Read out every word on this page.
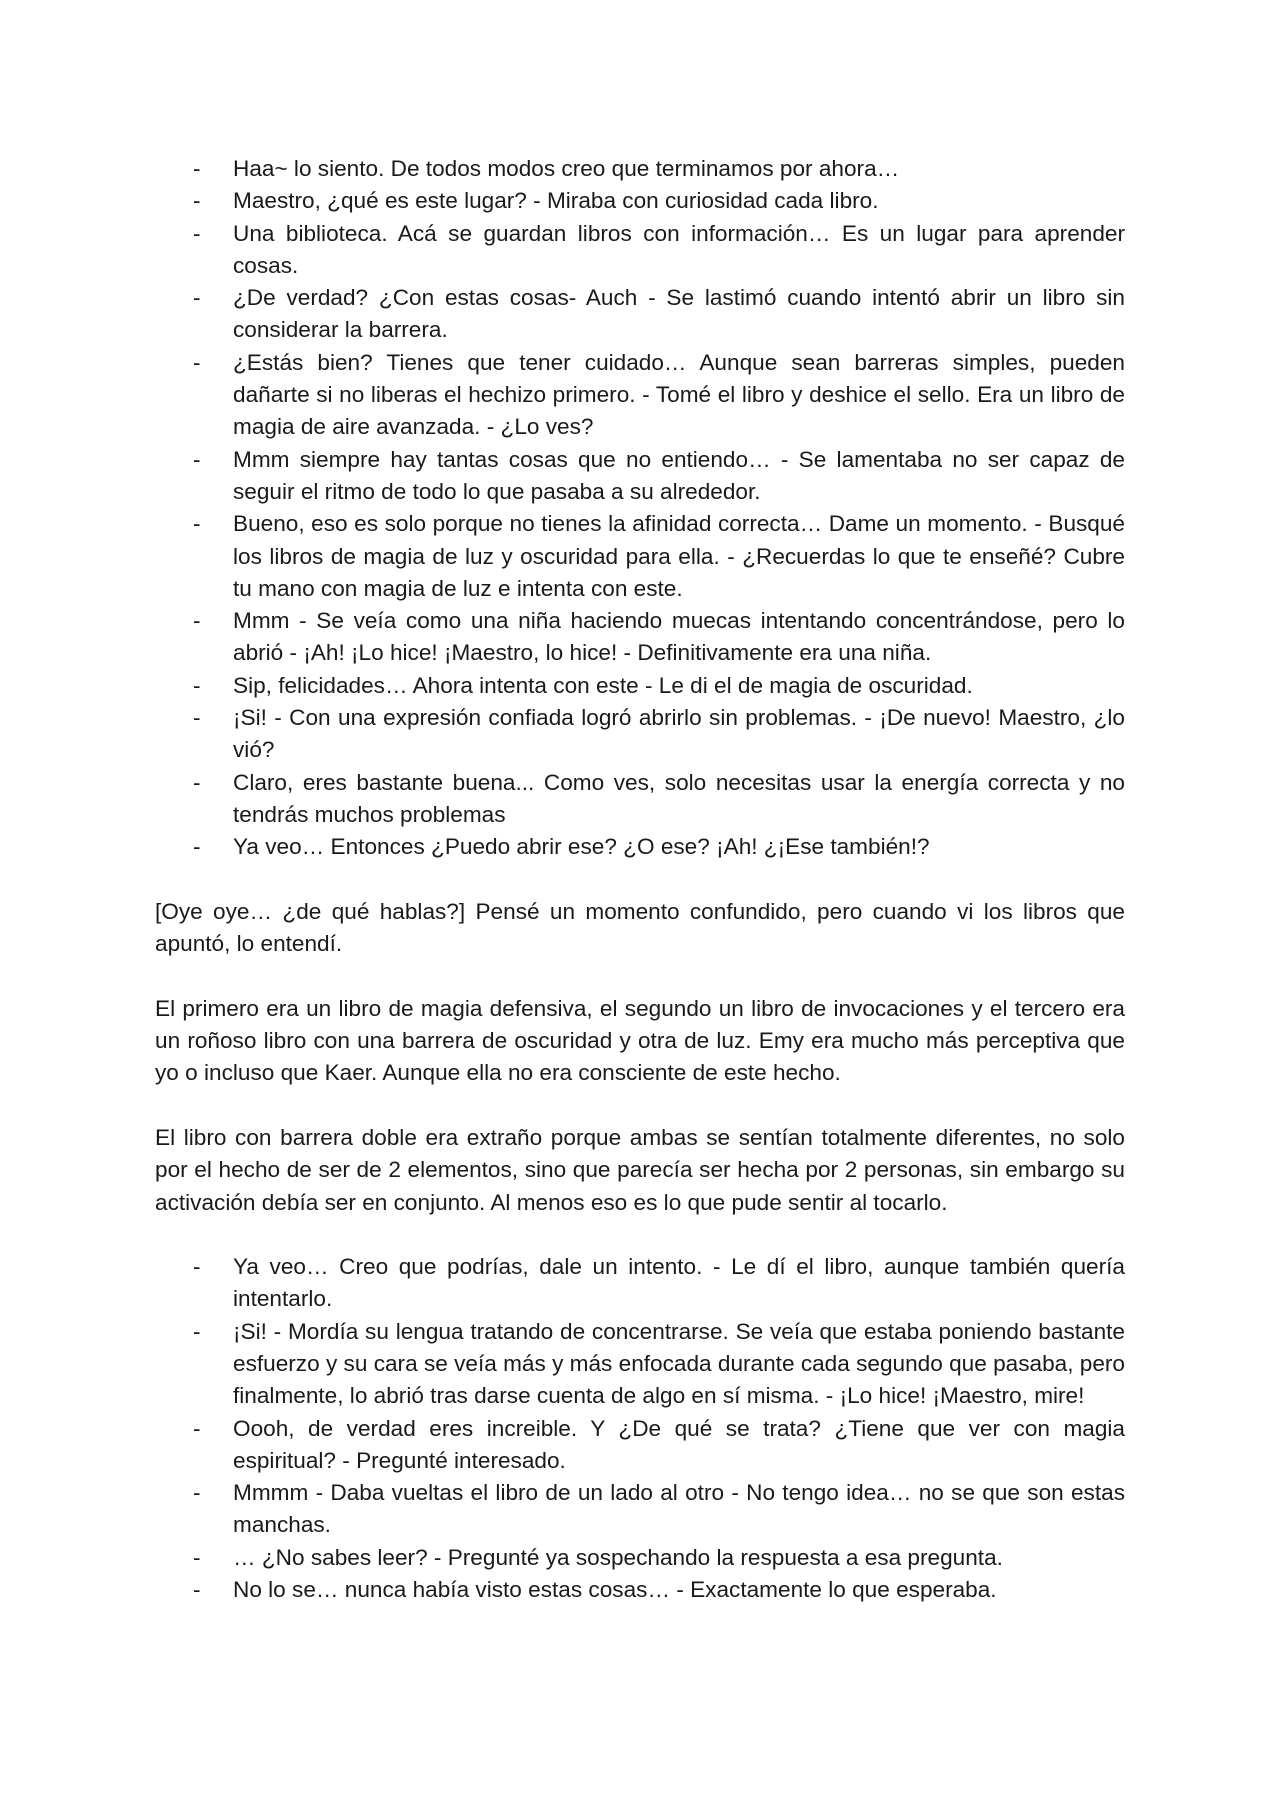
- Haa~ lo siento. De todos modos creo que terminamos por ahora…
- Maestro, ¿qué es este lugar? - Miraba con curiosidad cada libro.
- Una biblioteca. Acá se guardan libros con información… Es un lugar para aprender cosas.
- ¿De verdad? ¿Con estas cosas- Auch - Se lastimó cuando intentó abrir un libro sin considerar la barrera.
- ¿Estás bien? Tienes que tener cuidado… Aunque sean barreras simples, pueden dañarte si no liberas el hechizo primero. - Tomé el libro y deshice el sello. Era un libro de magia de aire avanzada. - ¿Lo ves?
- Mmm siempre hay tantas cosas que no entiendo… - Se lamentaba no ser capaz de seguir el ritmo de todo lo que pasaba a su alrededor.
- Bueno, eso es solo porque no tienes la afinidad correcta… Dame un momento. - Busqué los libros de magia de luz y oscuridad para ella. - ¿Recuerdas lo que te enseñé? Cubre tu mano con magia de luz e intenta con este.
- Mmm - Se veía como una niña haciendo muecas intentando concentrándose, pero lo abrió - ¡Ah! ¡Lo hice! ¡Maestro, lo hice! - Definitivamente era una niña.
- Sip, felicidades… Ahora intenta con este - Le di el de magia de oscuridad.
- ¡Si! - Con una expresión confiada logró abrirlo sin problemas. - ¡De nuevo! Maestro, ¿lo vió?
- Claro, eres bastante buena... Como ves, solo necesitas usar la energía correcta y no tendrás muchos problemas
- Ya veo… Entonces ¿Puedo abrir ese? ¿O ese? ¡Ah! ¿¡Ese también!?

[Oye oye… ¿de qué hablas?] Pensé un momento confundido, pero cuando vi los libros que apuntó, lo entendí.

El primero era un libro de magia defensiva, el segundo un libro de invocaciones y el tercero era un roñoso libro con una barrera de oscuridad y otra de luz. Emy era mucho más perceptiva que yo o incluso que Kaer. Aunque ella no era consciente de este hecho.

El libro con barrera doble era extraño porque ambas se sentían totalmente diferentes, no solo por el hecho de ser de 2 elementos, sino que parecía ser hecha por 2 personas, sin embargo su activación debía ser en conjunto. Al menos eso es lo que pude sentir al tocarlo.

- Ya veo… Creo que podrías, dale un intento. - Le dí el libro, aunque también quería intentarlo.
- ¡Si! - Mordía su lengua tratando de concentrarse. Se veía que estaba poniendo bastante esfuerzo y su cara se veía más y más enfocada durante cada segundo que pasaba, pero finalmente, lo abrió tras darse cuenta de algo en sí misma. - ¡Lo hice! ¡Maestro, mire!
- Oooh, de verdad eres increible. Y ¿De qué se trata? ¿Tiene que ver con magia espiritual? - Pregunté interesado.
- Mmmm - Daba vueltas el libro de un lado al otro - No tengo idea… no se que son estas manchas.
- … ¿No sabes leer? - Pregunté ya sospechando la respuesta a esa pregunta.
- No lo se… nunca había visto estas cosas… - Exactamente lo que esperaba.
